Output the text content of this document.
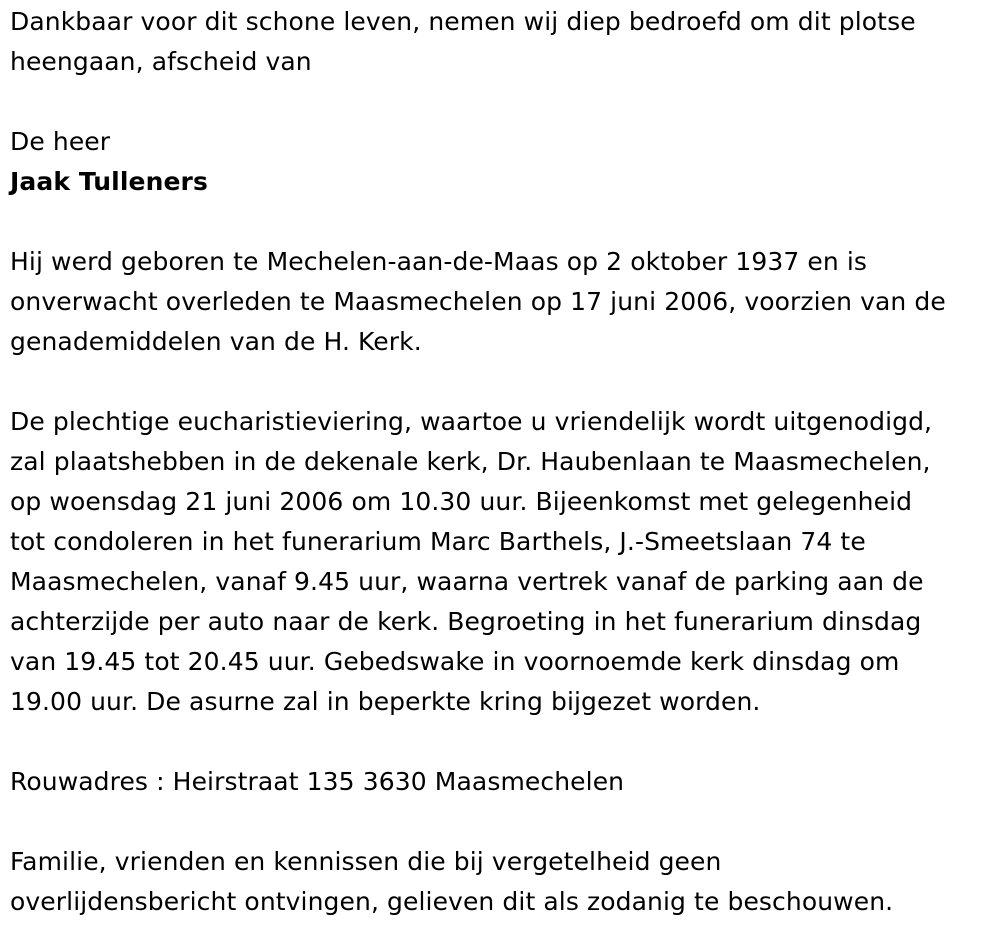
Dankbaar voor dit schone leven, nemen wij diep bedroefd om dit plotse
heengaan, afscheid van

De heer

Jaak Tulleners

Hij werd geboren te Mechelen-aan-de-Maas op 2 oktober 1937 en is
onverwacht overleden te Maasmechelen op 17 juni 2006, voorzien van de
genademiddelen van de H. Kerk.

De plechtige eucharistieviering, waartoe u vriendelijk wordt uitgenodigd,
zal plaatshebben in de dekenale kerk, Dr. Haubenlaan te Maasmechelen,
op woensdag 21 juni 2006 om 10.30 uur. Bijeenkomst met gelegenheid
tot condoleren in het funerarium Marc Barthels, J.-Smeetslaan 74 te
Maasmechelen, vanaf 9.45 uur, waarna vertrek vanaf de parking aan de
achterzijde per auto naar de kerk. Begroeting in het funerarium dinsdag
van 19.45 tot 20.45 uur. Gebedswake in voornoemde kerk dinsdag om
19.00 uur. De asurne zal in beperkte kring bijgezet worden.

Rouwadres : Heirstraat 135 3630 Maasmechelen

Familie, vrienden en kennissen die bij vergetelheid geen
overlijdensbericht ontvingen, gelieven dit als zodanig te beschouwen.
